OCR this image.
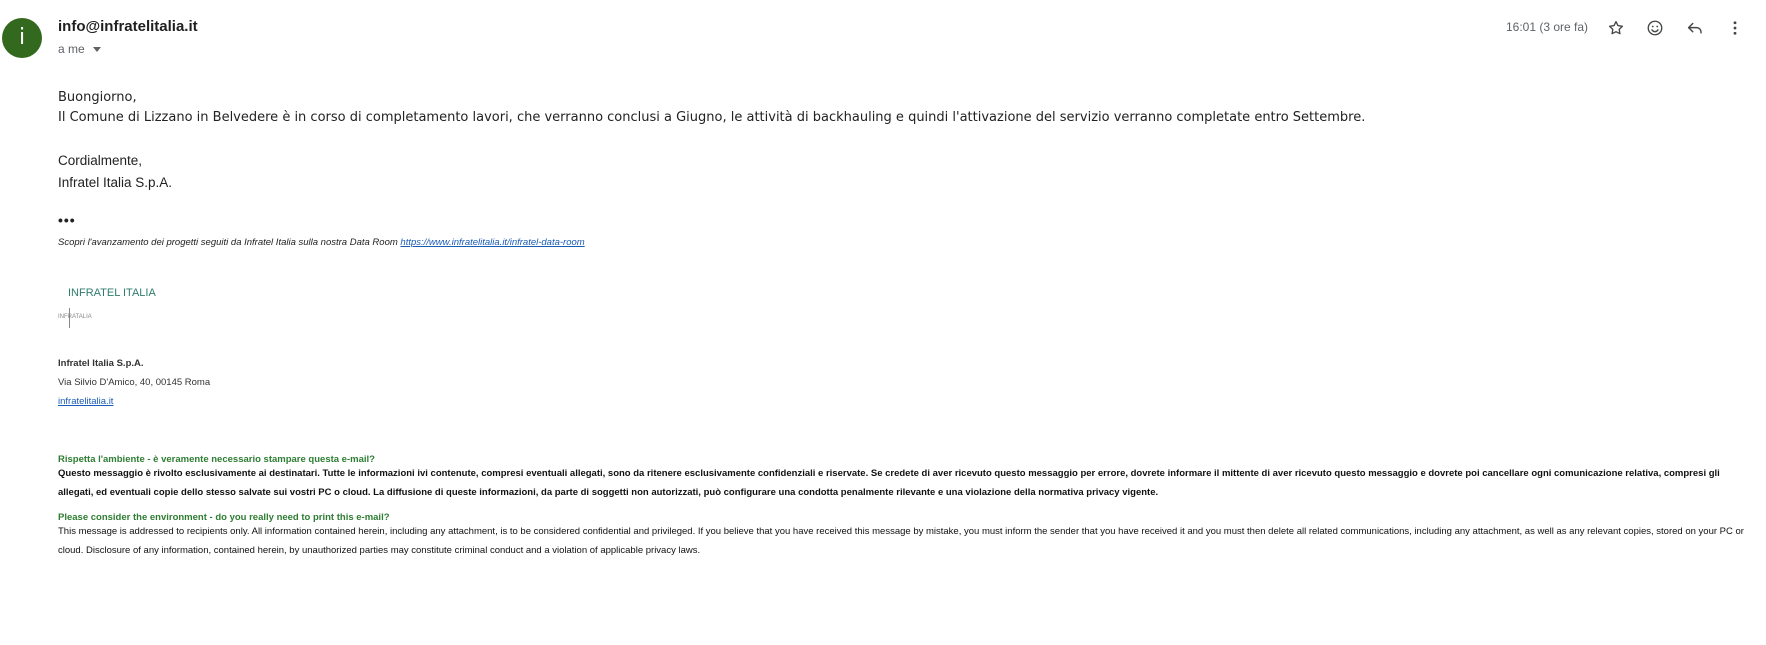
i	info@infratelitalia.it
a me
16:01 (3 ore fa)
Buongiorno,
Il Comune di Lizzano in Belvedere è in corso di completamento lavori, che verranno conclusi a Giugno, le attività di backhauling e quindi l'attivazione del servizio verranno completate entro Settembre.
Cordialmente,
Infratel Italia S.p.A.
•••
Scopri l'avanzamento dei progetti seguiti da Infratel Italia sulla nostra Data Room https://www.infratelitalia.it/infratel-data-room
INFRATEL ITALIA
INFRATALIA
Infratel Italia S.p.A.
Via Silvio D'Amico, 40, 00145 Roma
infratelitalia.it
Rispetta l'ambiente - è veramente necessario stampare questa e-mail?
Questo messaggio è rivolto esclusivamente ai destinatari. Tutte le informazioni ivi contenute, compresi eventuali allegati, sono da ritenere esclusivamente confidenziali e riservate. Se credete di aver ricevuto questo messaggio per errore, dovrete informare il mittente di aver ricevuto questo messaggio e dovrete poi cancellare ogni comunicazione relativa, compresi gli allegati, ed eventuali copie dello stesso salvate sui vostri PC o cloud. La diffusione di queste informazioni, da parte di soggetti non autorizzati, può configurare una condotta penalmente rilevante e una violazione della normativa privacy vigente.
Please consider the environment - do you really need to print this e-mail?
This message is addressed to recipients only. All information contained herein, including any attachment, is to be considered confidential and privileged. If you believe that you have received this message by mistake, you must inform the sender that you have received it and you must then delete all related communications, including any attachment, as well as any relevant copies, stored on your PC or cloud. Disclosure of any information, contained herein, by unauthorized parties may constitute criminal conduct and a violation of applicable privacy laws.
